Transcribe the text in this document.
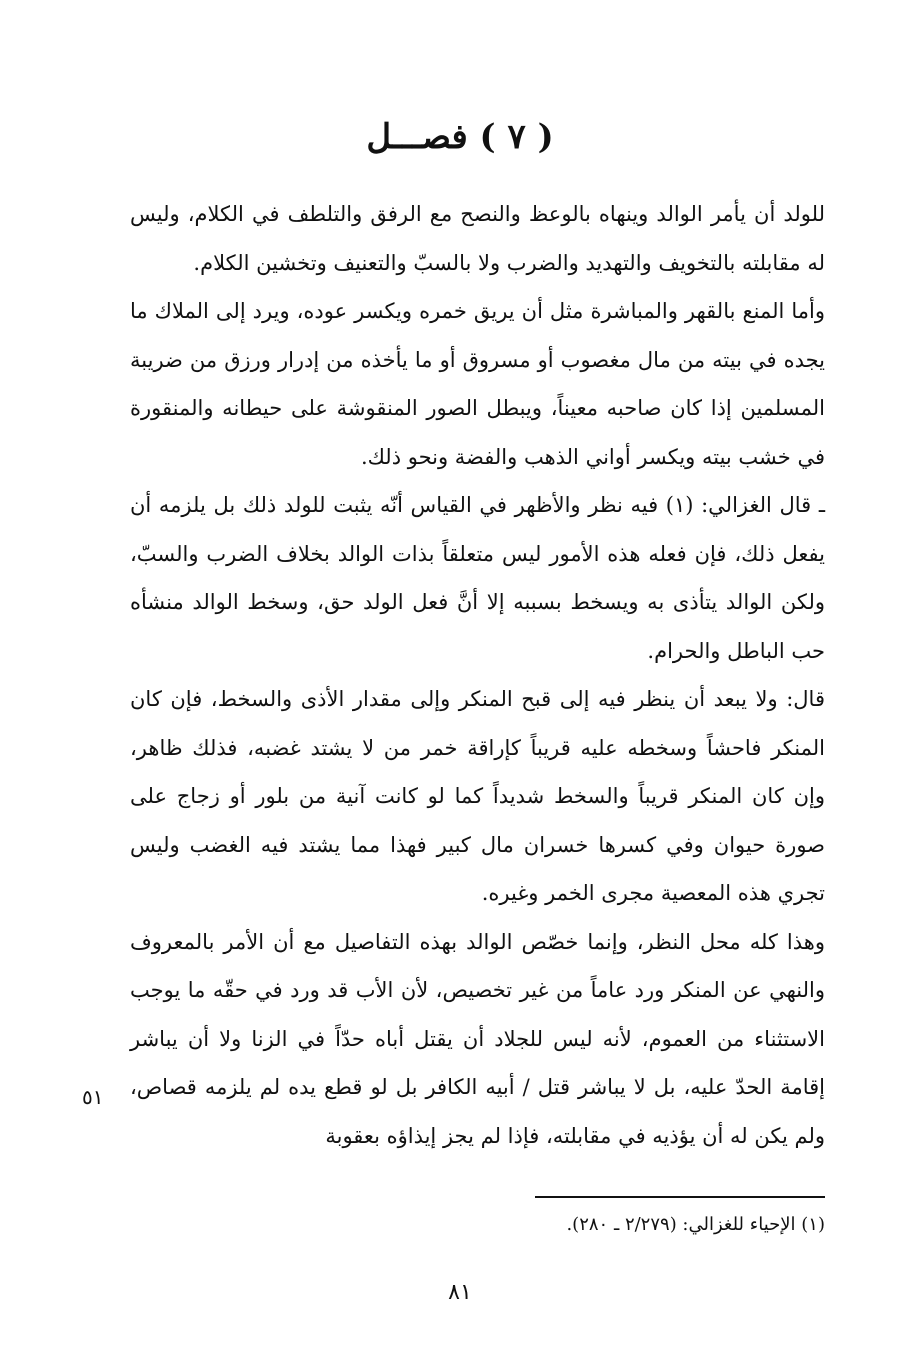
( ٧ ) فصـــل

للولد أن يأمر الوالد وينهاه بالوعظ والنصح مع الرفق والتلطف في الكلام، وليس له مقابلته بالتخويف والتهديد والضرب ولا بالسبّ والتعنيف وتخشين الكلام.

وأما المنع بالقهر والمباشرة مثل أن يريق خمره ويكسر عوده، ويرد إلى الملاك ما يجده في بيته من مال مغصوب أو مسروق أو ما يأخذه من إدرار ورزق من ضريبة المسلمين إذا كان صاحبه معيناً، ويبطل الصور المنقوشة على حيطانه والمنقورة في خشب بيته ويكسر أواني الذهب والفضة ونحو ذلك.

ـ قال الغزالي: (١) فيه نظر والأظهر في القياس أنّه يثبت للولد ذلك بل يلزمه أن يفعل ذلك، فإن فعله هذه الأمور ليس متعلقاً بذات الوالد بخلاف الضرب والسبّ، ولكن الوالد يتأذى به ويسخط بسببه إلا أنَّ فعل الولد حق، وسخط الوالد منشأه حب الباطل والحرام.

قال: ولا يبعد أن ينظر فيه إلى قبح المنكر وإلى مقدار الأذى والسخط، فإن كان المنكر فاحشاً وسخطه عليه قريباً كإراقة خمر من لا يشتد غضبه، فذلك ظاهر، وإن كان المنكر قريباً والسخط شديداً كما لو كانت آنية من بلور أو زجاج على صورة حيوان وفي كسرها خسران مال كبير فهذا مما يشتد فيه الغضب وليس تجري هذه المعصية مجرى الخمر وغيره.

وهذا كله محل النظر، وإنما خصّص الوالد بهذه التفاصيل مع أن الأمر بالمعروف والنهي عن المنكر ورد عاماً من غير تخصيص، لأن الأب قد ورد في حقّه ما يوجب الاستثناء من العموم، لأنه ليس للجلاد أن يقتل أباه حدّاً في الزنا ولا أن يباشر إقامة الحدّ عليه، بل لا يباشر قتل / أبيه الكافر بل لو قطع يده لم يلزمه قصاص، ولم يكن له أن يؤذيه في مقابلته، فإذا لم يجز إيذاؤه بعقوبة

٥١
(١) الإحياء للغزالي: (٢/٢٧٩ ـ ٢٨٠).
٨١
